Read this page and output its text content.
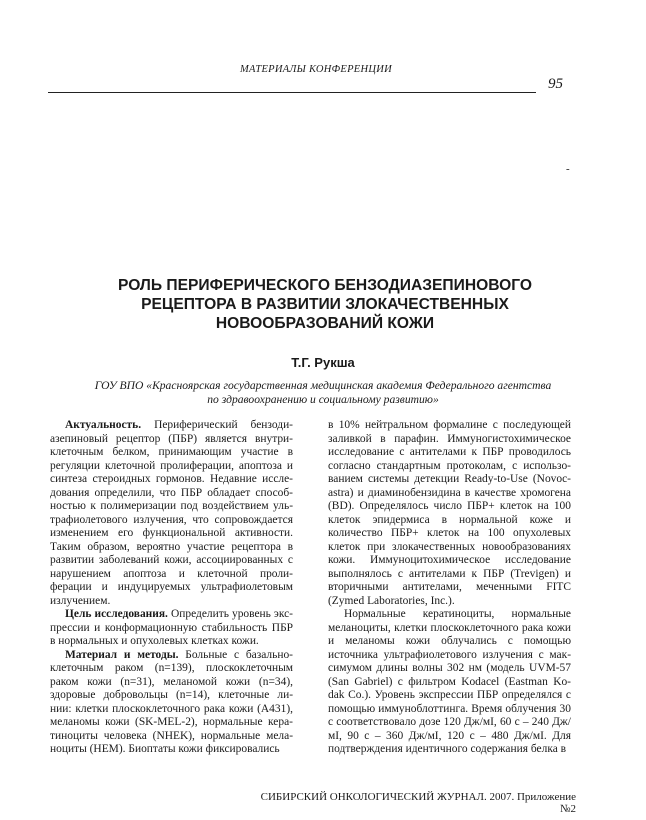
МАТЕРИАЛЫ КОНФЕРЕНЦИИ
95
-
РОЛЬ ПЕРИФЕРИЧЕСКОГО БЕНЗОДИАЗЕПИНОВОГО
РЕЦЕПТОРА В РАЗВИТИИ ЗЛОКАЧЕСТВЕННЫХ
НОВООБРАЗОВАНИЙ КОЖИ
Т.Г. Рукша
ГОУ ВПО «Красноярская государственная медицинская академия Федерального агентства
по здравоохранению и социальному развитию»

Актуальность. Периферический бензоди-азепиновый рецептор (ПБР) является внутри-клеточным белком, принимающим участие в регуляции клеточной пролиферации, апоптоза и синтеза стероидных гормонов. Недавние иссле-дования определили, что ПБР обладает способ-ностью к полимеризации под воздействием уль-трафиолетового излучения, что сопровождается изменением его функциональной активности. Таким образом, вероятно участие рецептора в развитии заболеваний кожи, ассоциированных с нарушением апоптоза и клеточной проли-ферации и индуцируемых ультрафиолетовым излучением.

Цель исследования. Определить уровень экс-прессии и конформационную стабильность ПБР в нормальных и опухолевых клетках кожи.

Материал и методы. Больные с базально-клеточным раком (n=139), плоскоклеточным раком кожи (n=31), меланомой кожи (n=34), здоровые добровольцы (n=14), клеточные ли-нии: клетки плоскоклеточного рака кожи (A431), меланомы кожи (SK-MEL-2), нормальные кера-тиноциты человека (NHEK), нормальные мела-ноциты (HEM). Биоптаты кожи фиксировались

в 10% нейтральном формалине с последующей заливкой в парафин. Иммуногистохимическое исследование с антителами к ПБР проводилось согласно стандартным протоколам, с использо-ванием системы детекции Ready-to-Use (Novoc-astra) и диаминобензидина в качестве хромогена (BD). Определялось число ПБР+ клеток на 100 клеток эпидермиса в нормальной коже и количество ПБР+ клеток на 100 опухолевых клеток при злокачественных новообразованиях кожи. Иммуноцитохимическое исследование выполнялось с антителами к ПБР (Trevigen) и вторичными антителами, меченными FITC (Zymed Laboratories, Inc.).

Нормальные кератиноциты, нормальные меланоциты, клетки плоскоклеточного рака кожи и меланомы кожи облучались с помощью источника ультрафиолетового излучения с мак-симумом длины волны 302 нм (модель UVM-57 (San Gabriel) с фильтром Kodacel (Eastman Ko-dak Co.). Уровень экспрессии ПБР определялся с помощью иммуноблоттинга. Время облучения 30 с соответствовало дозе 120 Дж/мI, 60 с – 240 Дж/мI, 90 с – 360 Дж/мI, 120 с – 480 Дж/мI. Для подтверждения идентичного содержания белка в

СИБИРСКИЙ ОНКОЛОГИЧЕСКИЙ ЖУРНАЛ. 2007. Приложение №2
